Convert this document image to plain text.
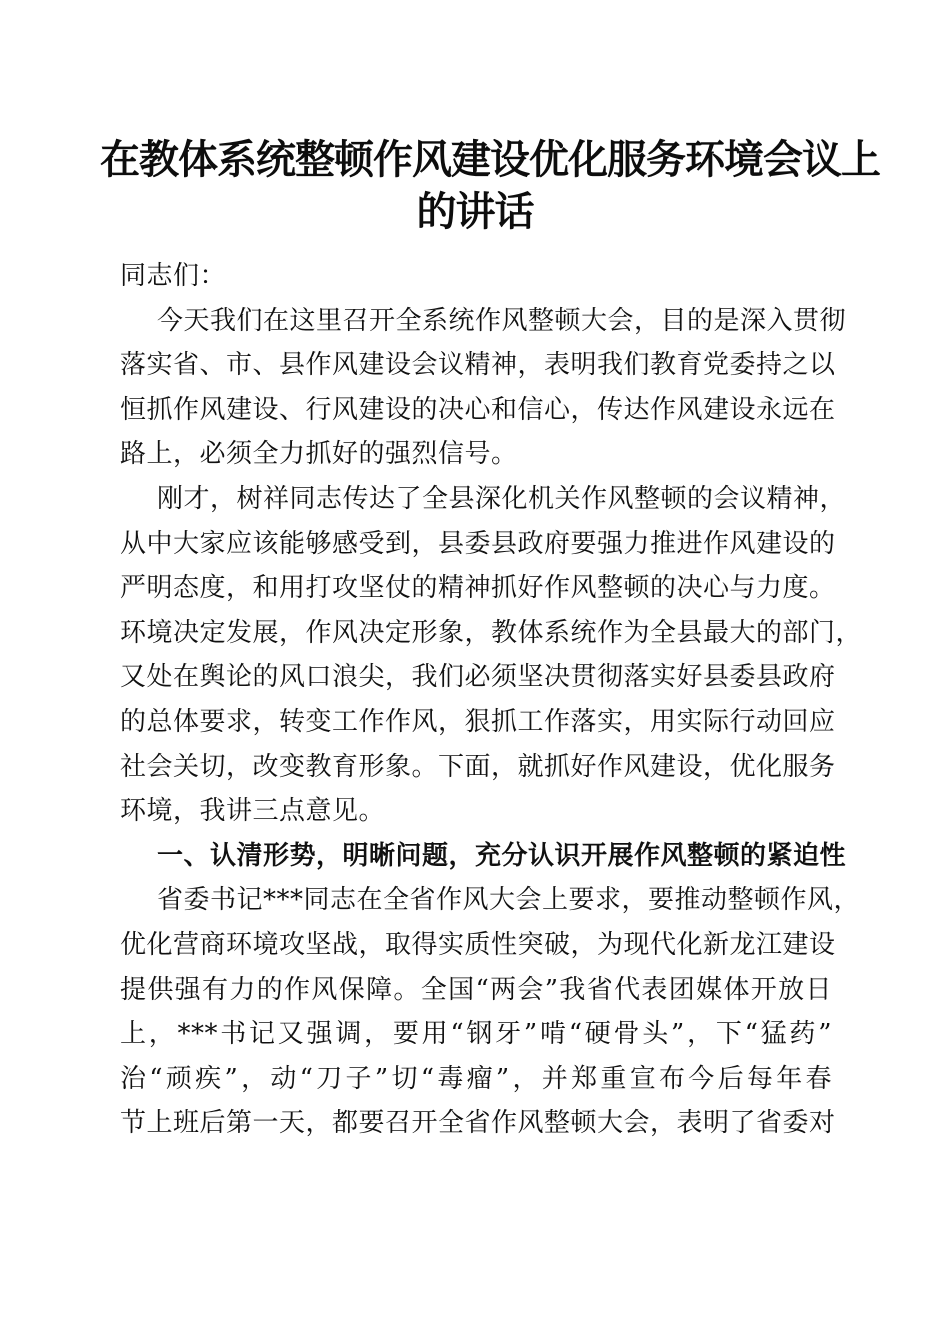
在教体系统整顿作风建设优化服务环境会议上
的讲话
同志们：
今天我们在这里召开全系统作风整顿大会，目的是深入贯彻
落实省、市、县作风建设会议精神，表明我们教育党委持之以
恒抓作风建设、行风建设的决心和信心，传达作风建设永远在
路上，必须全力抓好的强烈信号。
刚才，树祥同志传达了全县深化机关作风整顿的会议精神，
从中大家应该能够感受到，县委县政府要强力推进作风建设的
严明态度，和用打攻坚仗的精神抓好作风整顿的决心与力度。
环境决定发展，作风决定形象，教体系统作为全县最大的部门，
又处在舆论的风口浪尖，我们必须坚决贯彻落实好县委县政府
的总体要求，转变工作作风，狠抓工作落实，用实际行动回应
社会关切，改变教育形象。下面，就抓好作风建设，优化服务
环境，我讲三点意见。
一、认清形势，明晰问题，充分认识开展作风整顿的紧迫性
省委书记***同志在全省作风大会上要求，要推动整顿作风，
优化营商环境攻坚战，取得实质性突破，为现代化新龙江建设
提供强有力的作风保障。全国“两会”我省代表团媒体开放日
上，***书记又强调，要用“钢牙”啃“硬骨头”，下“猛药”
治“顽疾”，动“刀子”切“毒瘤”，并郑重宣布今后每年春
节上班后第一天，都要召开全省作风整顿大会，表明了省委对
